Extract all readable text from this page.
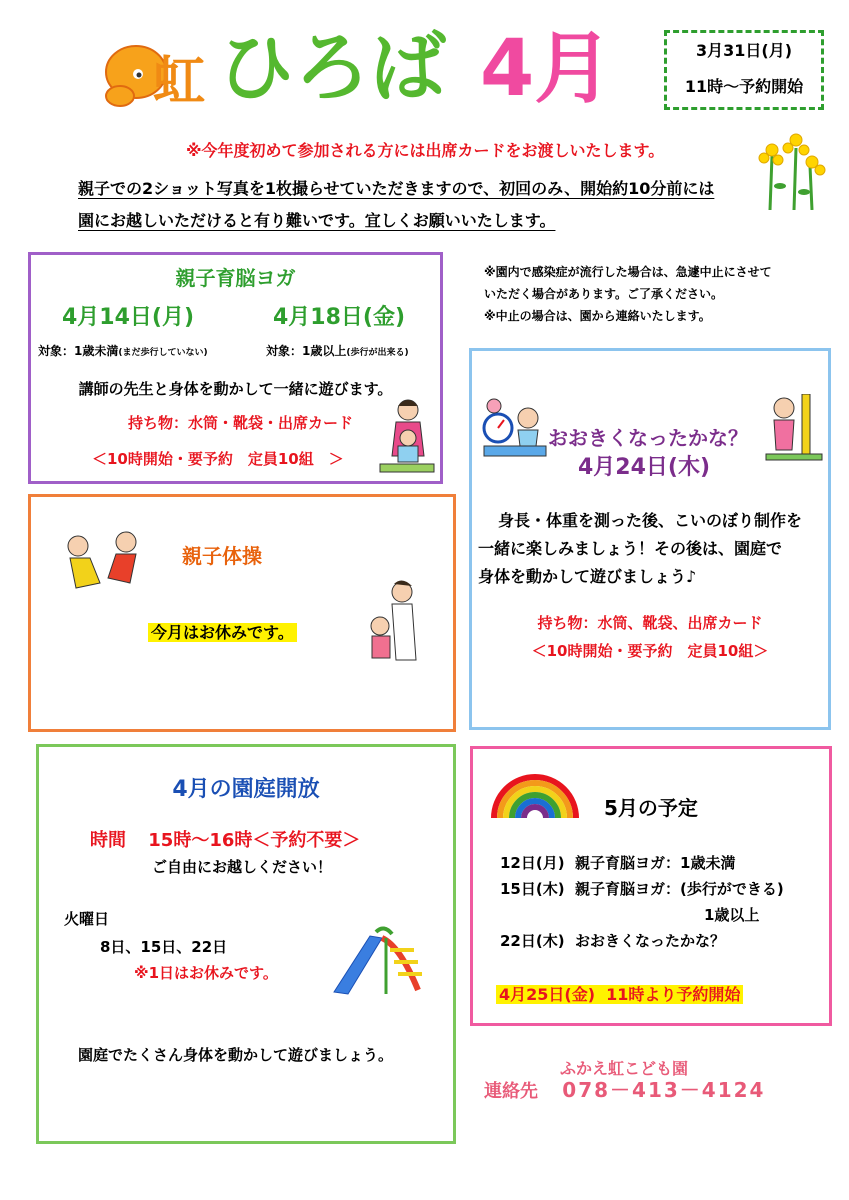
虹 ひろば 4月	3月31日(月)
11時～予約開始
※今年度初めて参加される方には出席カードをお渡しいたします。
親子での2ショット写真を1枚撮らせていただきますので、初回のみ、開始約10分前には
園にお越しいただけると有り難いです。宜しくお願いいたします。
親子育脳ヨガ
4月14日(月)	4月18日(金)
対象：1歳未満(まだ歩行していない)	対象：1歳以上(歩行が出来る)
講師の先生と身体を動かして一緒に遊びます。
持ち物：水筒・靴袋・出席カード
＜10時開始・要予約　定員10組　＞
※園内で感染症が流行した場合は、急遽中止にさせて
いただく場合があります。ご了承ください。
※中止の場合は、園から連絡いたします。
親子体操
今月はお休みです。
おおきくなったかな？
4月24日(木)
身長・体重を測った後、こいのぼり制作を
一緒に楽しみましょう！その後は、園庭で
身体を動かして遊びましょう♪
持ち物：水筒、靴袋、出席カード
＜10時開始・要予約　定員10組＞
4月の園庭開放
時間 15時～16時＜予約不要＞
ご自由にお越しください！
火曜日
8日、15日、22日
※1日はお休みです。
園庭でたくさん身体を動かして遊びましょう。
5月の予定
12日(月)  親子育脳ヨガ：1歳未満
15日(木)  親子育脳ヨガ：(歩行ができる)
1歳以上
22日(木)  おおきくなったかな？
4月25日(金)  11時より予約開始
ふかえ虹こども園
連絡先 078－413－4124
